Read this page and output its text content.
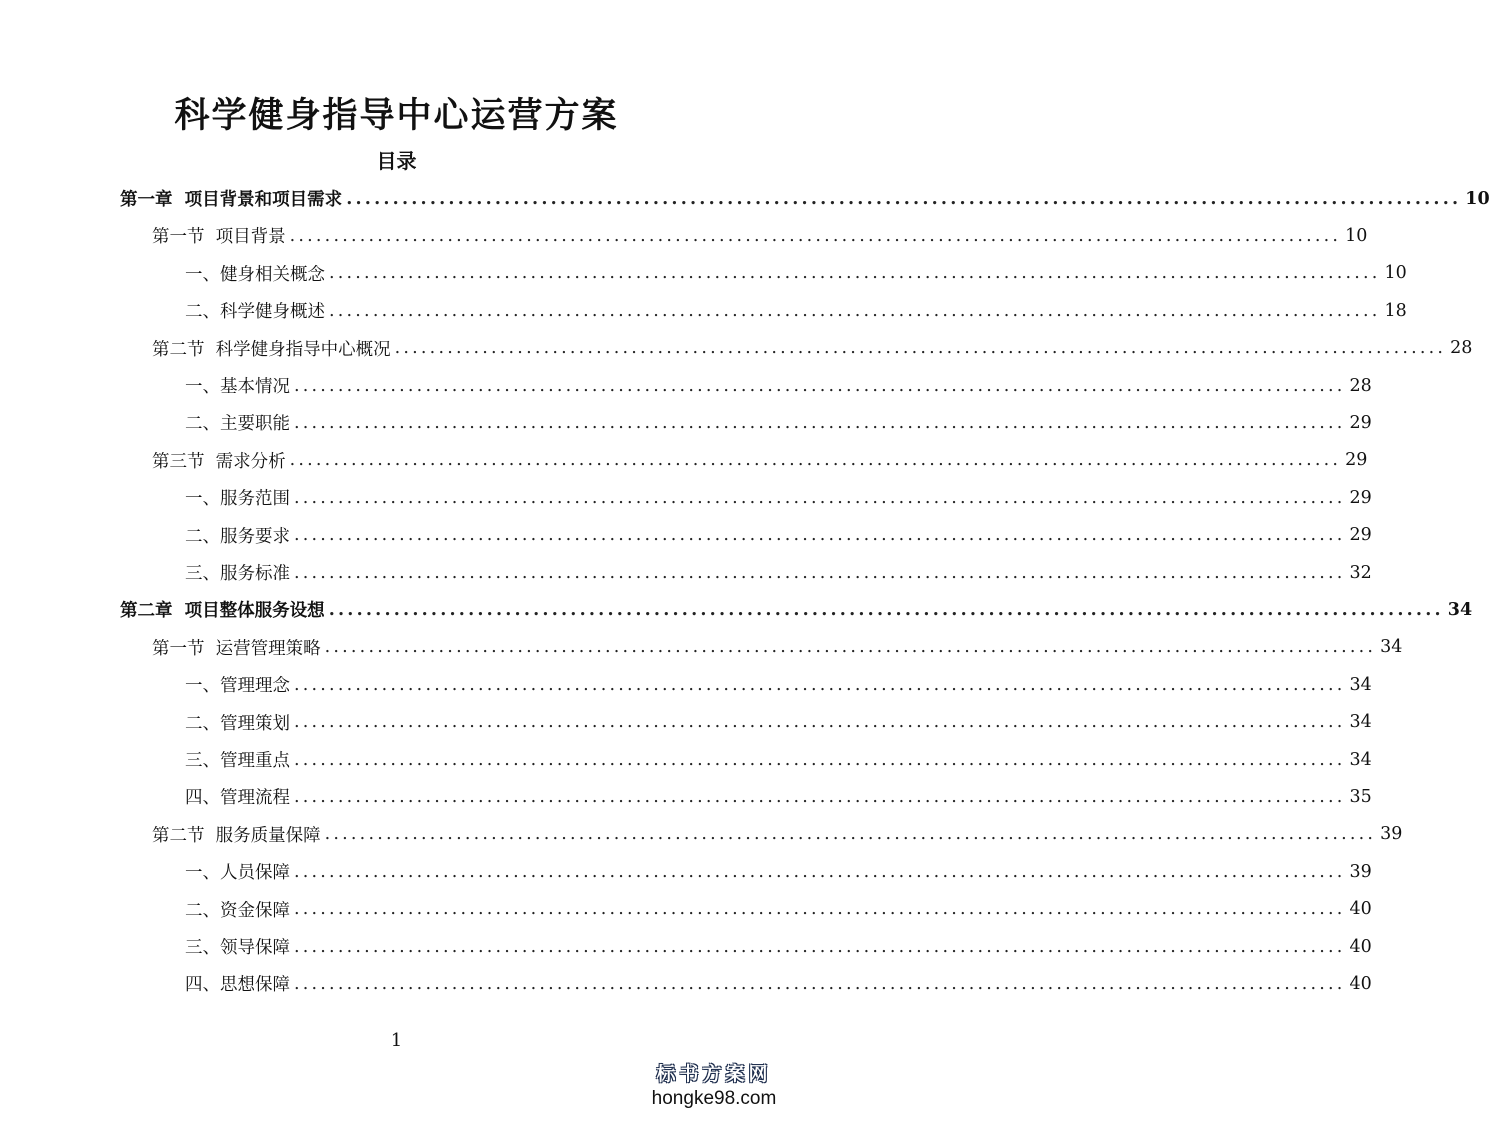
科学健身指导中心运营方案
目录
第一章  项目背景和项目需求 ........................................................................................................................ 10
第一节  项目背景 ........................................................................................................................ 10
一、健身相关概念 ........................................................................................................................ 10
二、科学健身概述 ........................................................................................................................ 18
第二节  科学健身指导中心概况 ........................................................................................................................ 28
一、基本情况 ........................................................................................................................ 28
二、主要职能 ........................................................................................................................ 29
第三节  需求分析 ........................................................................................................................ 29
一、服务范围 ........................................................................................................................ 29
二、服务要求 ........................................................................................................................ 29
三、服务标准 ........................................................................................................................ 32
第二章  项目整体服务设想 ........................................................................................................................ 34
第一节  运营管理策略 ........................................................................................................................ 34
一、管理理念 ........................................................................................................................ 34
二、管理策划 ........................................................................................................................ 34
三、管理重点 ........................................................................................................................ 34
四、管理流程 ........................................................................................................................ 35
第二节  服务质量保障 ........................................................................................................................ 39
一、人员保障 ........................................................................................................................ 39
二、资金保障 ........................................................................................................................ 40
三、领导保障 ........................................................................................................................ 40
四、思想保障 ........................................................................................................................ 40
1
标书方案网
hongke98.com
